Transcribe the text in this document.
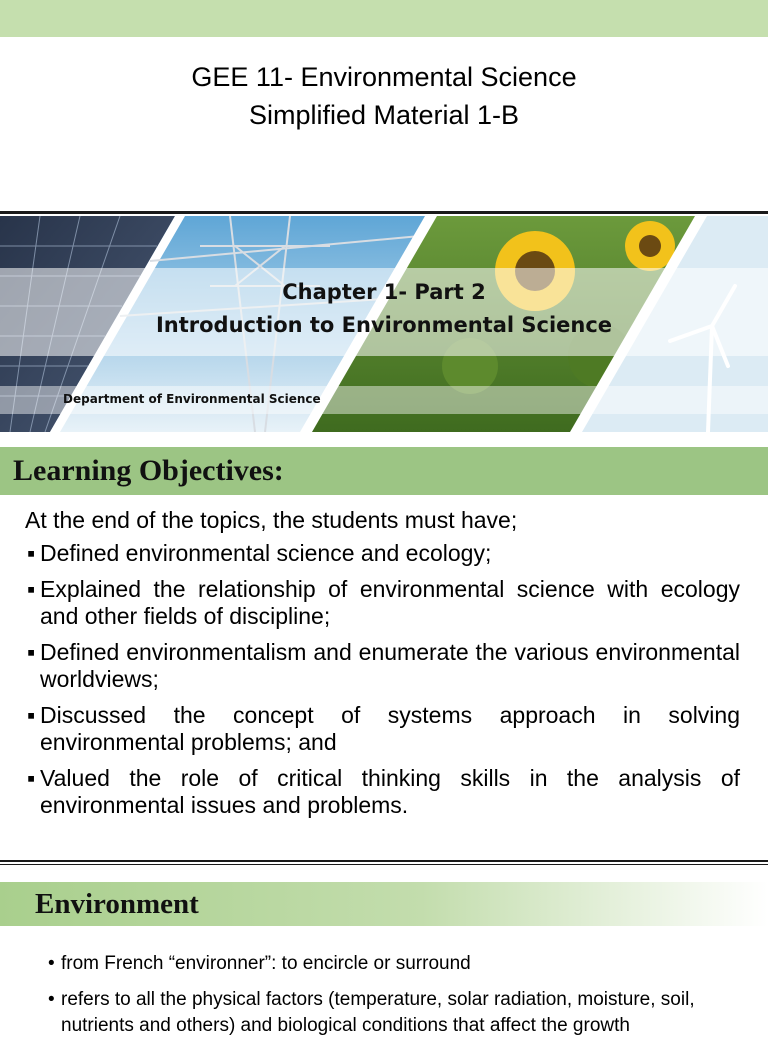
GEE 11- Environmental Science
Simplified Material 1-B
Chapter 1- Part 2
Introduction to Environmental Science
Department of Environmental Science
Learning Objectives:
At the end of the topics, the students must have;
▪ Defined environmental science and ecology;
▪ Explained the relationship of environmental science with ecology and other fields of discipline;
▪ Defined environmentalism and enumerate the various environmental worldviews;
▪ Discussed the concept of systems approach in solving environmental problems; and
▪ Valued the role of critical thinking skills in the analysis of environmental issues and problems.
Environment
• from French “environner”: to encircle or surround
• refers to all the physical factors (temperature, solar radiation, moisture, soil, nutrients and others) and biological conditions that affect the growth
